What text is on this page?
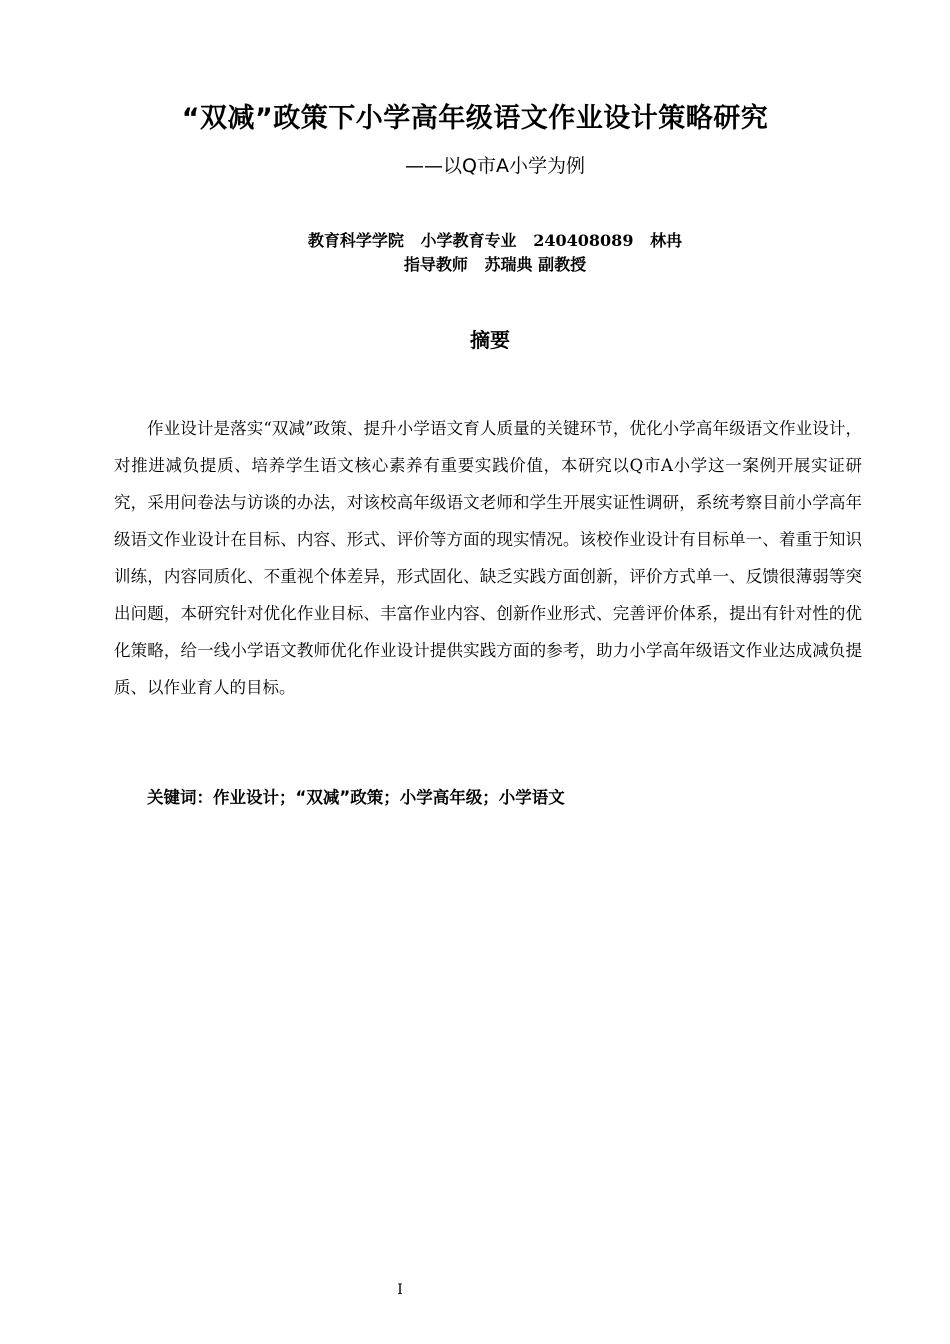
“双减”政策下小学高年级语文作业设计策略研究
——以Q市A小学为例
教育科学学院   小学教育专业   240408089   林冉
指导教师   苏瑞典 副教授
摘要

作业设计是落实“双减”政策、提升小学语文育人质量的关键环节，优化小学高年级语文作业设计，对推进减负提质、培养学生语文核心素养有重要实践价值，本研究以Q市A小学这一案例开展实证研究，采用问卷法与访谈的办法，对该校高年级语文老师和学生开展实证性调研，系统考察目前小学高年级语文作业设计在目标、内容、形式、评价等方面的现实情况。该校作业设计有目标单一、着重于知识训练，内容同质化、不重视个体差异，形式固化、缺乏实践方面创新，评价方式单一、反馈很薄弱等突出问题，本研究针对优化作业目标、丰富作业内容、创新作业形式、完善评价体系，提出有针对性的优化策略，给一线小学语文教师优化作业设计提供实践方面的参考，助力小学高年级语文作业达成减负提质、以作业育人的目标。

关键词：作业设计；“双减”政策；小学高年级；小学语文
I
